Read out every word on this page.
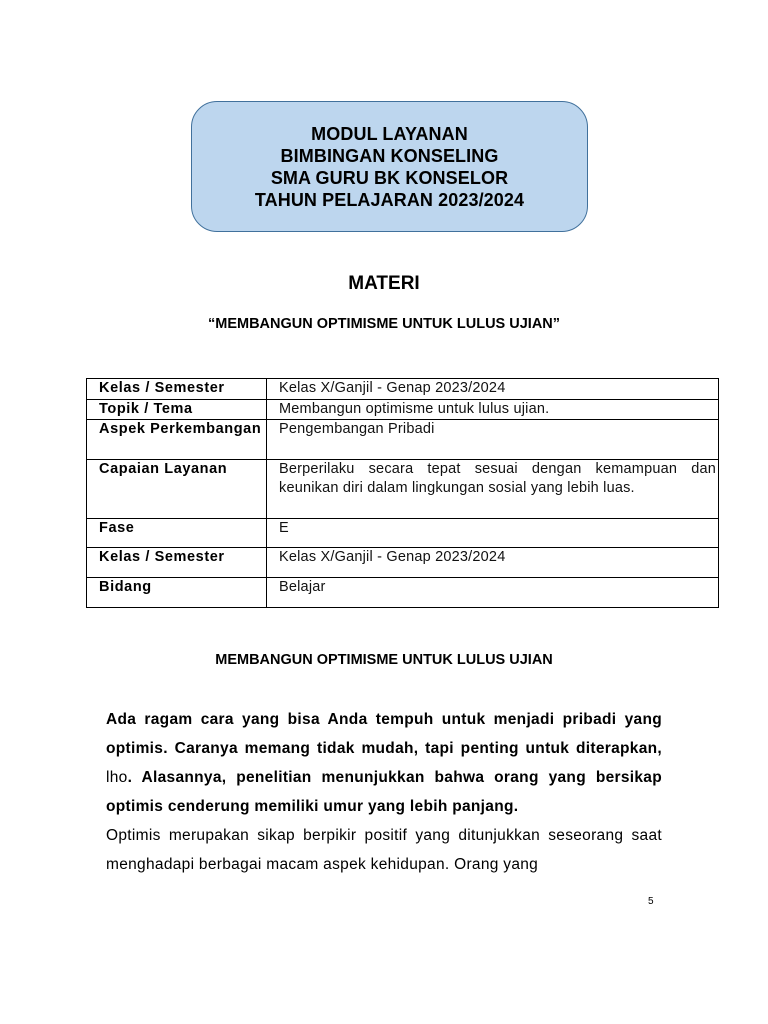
MODUL LAYANAN
BIMBINGAN KONSELING
SMA GURU BK KONSELOR
TAHUN PELAJARAN 2023/2024
MATERI
“MEMBANGUN OPTIMISME UNTUK LULUS UJIAN”
Kelas / Semester	Kelas X/Ganjil - Genap 2023/2024
Topik / Tema	Membangun optimisme untuk lulus ujian.
Aspek Perkembangan	Pengembangan Pribadi
Capaian Layanan	Berperilaku secara tepat sesuai dengan kemampuan dan keunikan diri dalam lingkungan sosial yang lebih luas.
Fase	E
Kelas / Semester	Kelas X/Ganjil - Genap 2023/2024
Bidang	Belajar
MEMBANGUN OPTIMISME UNTUK LULUS UJIAN

Ada ragam cara yang bisa Anda tempuh untuk menjadi pribadi yang optimis. Caranya memang tidak mudah, tapi penting untuk diterapkan, lho. Alasannya, penelitian menunjukkan bahwa orang yang bersikap optimis cenderung memiliki umur yang lebih panjang.

Optimis merupakan sikap berpikir positif yang ditunjukkan seseorang saat menghadapi berbagai macam aspek kehidupan. Orang yang

5
